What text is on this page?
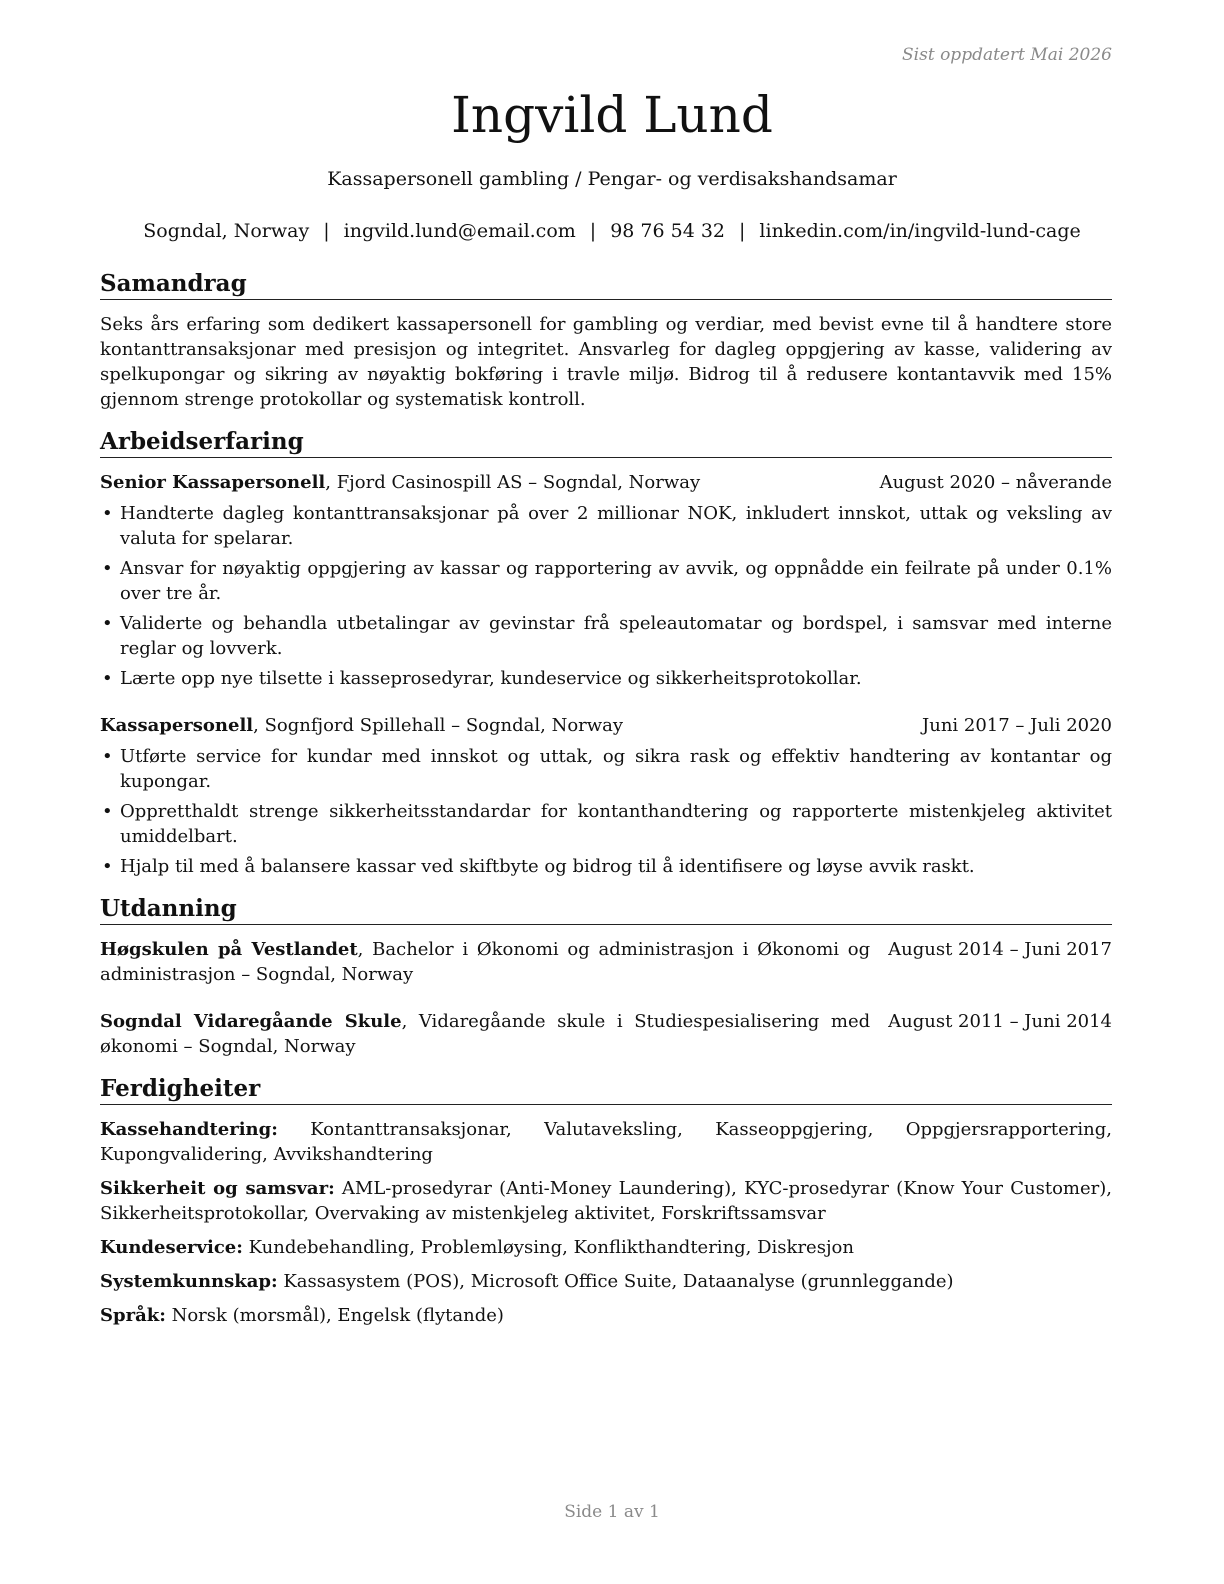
Sist oppdatert Mai 2026
Ingvild Lund
Kassapersonell gambling / Pengar- og verdisakshandsamar
Sogndal, Norway | ingvild.lund@email.com | 98 76 54 32 | linkedin.com/in/ingvild-lund-cage
Samandrag

Seks års erfaring som dedikert kassapersonell for gambling og verdiar, med bevist evne til å handtere store kontanttransaksjonar med presisjon og integritet. Ansvarleg for dagleg oppgjering av kasse, validering av spelkupongar og sikring av nøyaktig bokføring i travle miljø. Bidrog til å redusere kontantavvik med 15% gjennom strenge protokollar og systematisk kontroll.

Arbeidserfaring
Senior Kassapersonell, Fjord Casinospill AS – Sogndal, Norway	August 2020 – nåverande
• Handterte dagleg kontanttransaksjonar på over 2 millionar NOK, inkludert innskot, uttak og veksling av valuta for spelarar.
• Ansvar for nøyaktig oppgjering av kassar og rapportering av avvik, og oppnådde ein feilrate på under 0.1% over tre år.
• Validerte og behandla utbetalingar av gevinstar frå speleautomatar og bordspel, i samsvar med interne reglar og lovverk.
• Lærte opp nye tilsette i kasseprosedyrar, kundeservice og sikkerheitsprotokollar.
Kassapersonell, Sognfjord Spillehall – Sogndal, Norway	Juni 2017 – Juli 2020
• Utførte service for kundar med innskot og uttak, og sikra rask og effektiv handtering av kontantar og kupongar.
• Oppretthaldt strenge sikkerheitsstandardar for kontanthandtering og rapporterte mistenkjeleg aktivitet umiddelbart.
• Hjalp til med å balansere kassar ved skiftbyte og bidrog til å identifisere og løyse avvik raskt.
Utdanning
Høgskulen på Vestlandet, Bachelor i Økonomi og administrasjon i Økonomi og administrasjon – Sogndal, Norway
August 2014 – Juni 2017
Sogndal Vidaregåande Skule, Vidaregåande skule i Studiespesialisering med økonomi – Sogndal, Norway
August 2011 – Juni 2014
Ferdigheiter
Kassehandtering: Kontanttransaksjonar, Valutaveksling, Kasseoppgjering, Oppgjersrapportering, Kupongvalidering, Avvikshandtering
Sikkerheit og samsvar: AML-prosedyrar (Anti-Money Laundering), KYC-prosedyrar (Know Your Customer), Sikkerheitsprotokollar, Overvaking av mistenkjeleg aktivitet, Forskriftssamsvar
Kundeservice: Kundebehandling, Problemløysing, Konflikthandtering, Diskresjon
Systemkunnskap: Kassasystem (POS), Microsoft Office Suite, Dataanalyse (grunnleggande)
Språk: Norsk (morsmål), Engelsk (flytande)
Side 1 av 1
